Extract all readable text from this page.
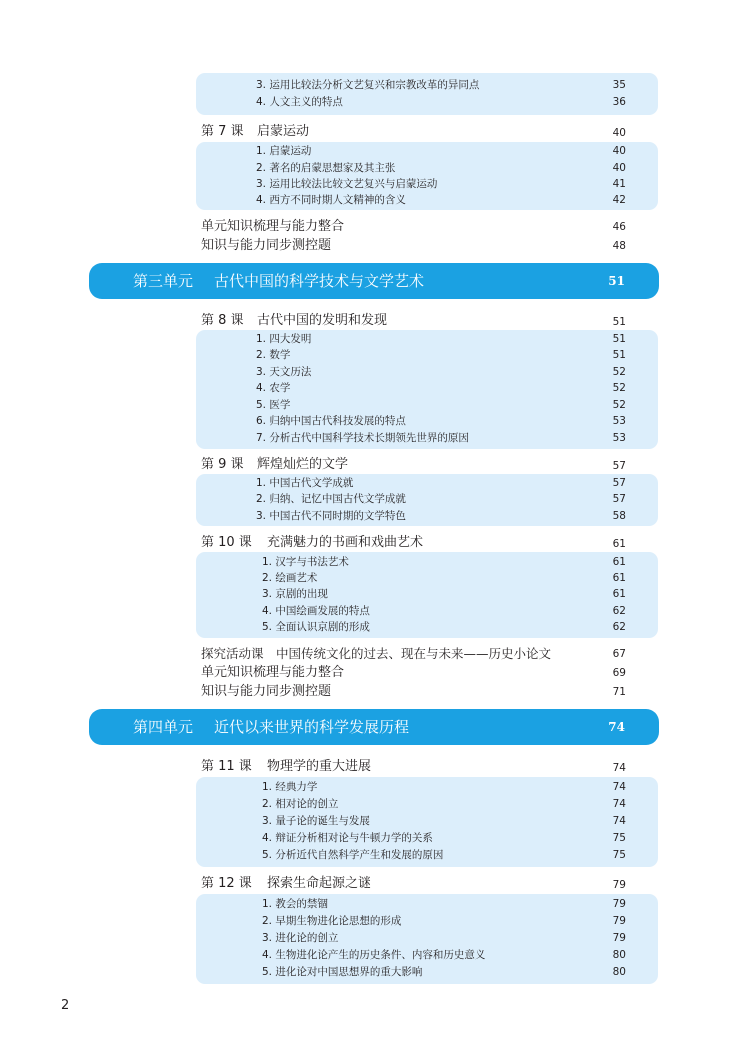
3. 运用比较法分析文艺复兴和宗教改革的异同点	35
4. 人文主义的特点	36
第 7 课 启蒙运动	40
1. 启蒙运动	40
2. 著名的启蒙思想家及其主张	40
3. 运用比较法比较文艺复兴与启蒙运动	41
4. 西方不同时期人文精神的含义	42
单元知识梳理与能力整合	46
知识与能力同步测控题	48
第三单元 古代中国的科学技术与文学艺术	51
第 8 课 古代中国的发明和发现	51
1. 四大发明	51
2. 数学	51
3. 天文历法	52
4. 农学	52
5. 医学	52
6. 归纳中国古代科技发展的特点	53
7. 分析古代中国科学技术长期领先世界的原因	53
第 9 课 辉煌灿烂的文学	57
1. 中国古代文学成就	57
2. 归纳、记忆中国古代文学成就	57
3. 中国古代不同时期的文学特色	58
第 10 课 充满魅力的书画和戏曲艺术	61
1. 汉字与书法艺术	61
2. 绘画艺术	61
3. 京剧的出现	61
4. 中国绘画发展的特点	62
5. 全面认识京剧的形成	62
探究活动课　中国传统文化的过去、现在与未来——历史小论文	67
单元知识梳理与能力整合	69
知识与能力同步测控题	71
第四单元 近代以来世界的科学发展历程	74
第 11 课 物理学的重大进展	74
1. 经典力学	74
2. 相对论的创立	74
3. 量子论的诞生与发展	74
4. 辩证分析相对论与牛顿力学的关系	75
5. 分析近代自然科学产生和发展的原因	75
第 12 课 探索生命起源之谜	79
1. 教会的禁锢	79
2. 早期生物进化论思想的形成	79
3. 进化论的创立	79
4. 生物进化论产生的历史条件、内容和历史意义	80
5. 进化论对中国思想界的重大影响	80
2
